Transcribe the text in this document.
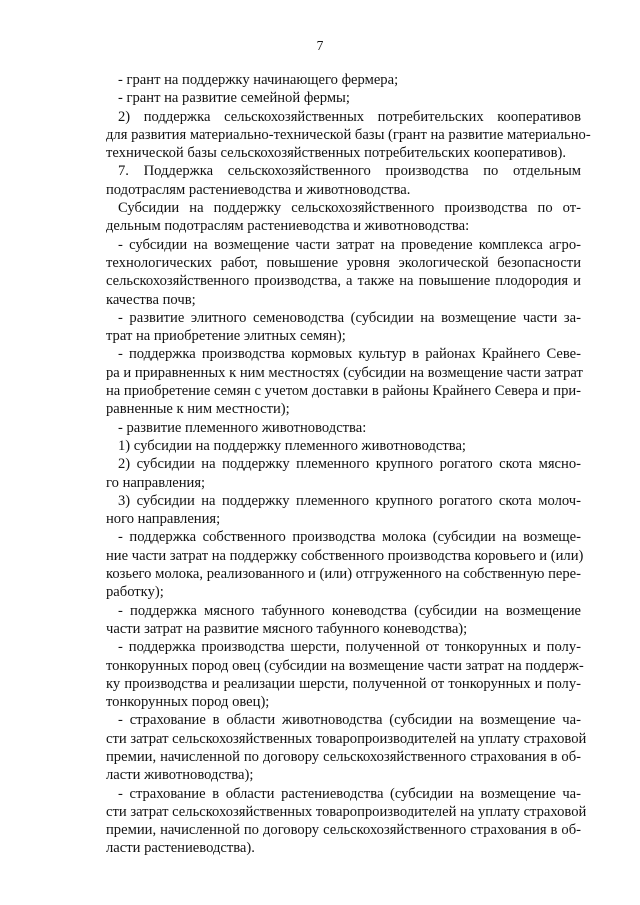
7
- грант на поддержку начинающего фермера;
- грант на развитие семейной фермы;
2) поддержка сельскохозяйственных потребительских кооперативов
для развития материально-технической базы (грант на развитие материально-
технической базы сельскохозяйственных потребительских кооперативов).
7. Поддержка сельскохозяйственного производства по отдельным
подотраслям растениеводства и животноводства.
Субсидии на поддержку сельскохозяйственного производства по от-
дельным подотраслям растениеводства и животноводства:
- субсидии на возмещение части затрат на проведение комплекса агро-
технологических работ, повышение уровня экологической безопасности
сельскохозяйственного производства, а также на повышение плодородия и
качества почв;
- развитие элитного семеноводства (субсидии на возмещение части за-
трат на приобретение элитных семян);
- поддержка производства кормовых культур в районах Крайнего Севе-
ра и приравненных к ним местностях (субсидии на возмещение части затрат
на приобретение семян с учетом доставки в районы Крайнего Севера и при-
равненные к ним местности);
- развитие племенного животноводства:
1) субсидии на поддержку племенного животноводства;
2) субсидии на поддержку племенного крупного рогатого скота мясно-
го направления;
3) субсидии на поддержку племенного крупного рогатого скота молоч-
ного направления;
- поддержка собственного производства молока (субсидии на возмеще-
ние части затрат на поддержку собственного производства коровьего и (или)
козьего молока, реализованного и (или) отгруженного на собственную пере-
работку);
- поддержка мясного табунного коневодства (субсидии на возмещение
части затрат на развитие мясного табунного коневодства);
- поддержка производства шерсти, полученной от тонкорунных и полу-
тонкорунных пород овец (субсидии на возмещение части затрат на поддерж-
ку производства и реализации шерсти, полученной от тонкорунных и полу-
тонкорунных пород овец);
- страхование в области животноводства (субсидии на возмещение ча-
сти затрат сельскохозяйственных товаропроизводителей на уплату страховой
премии, начисленной по договору сельскохозяйственного страхования в об-
ласти животноводства);
- страхование в области растениеводства (субсидии на возмещение ча-
сти затрат сельскохозяйственных товаропроизводителей на уплату страховой
премии, начисленной по договору сельскохозяйственного страхования в об-
ласти растениеводства).
